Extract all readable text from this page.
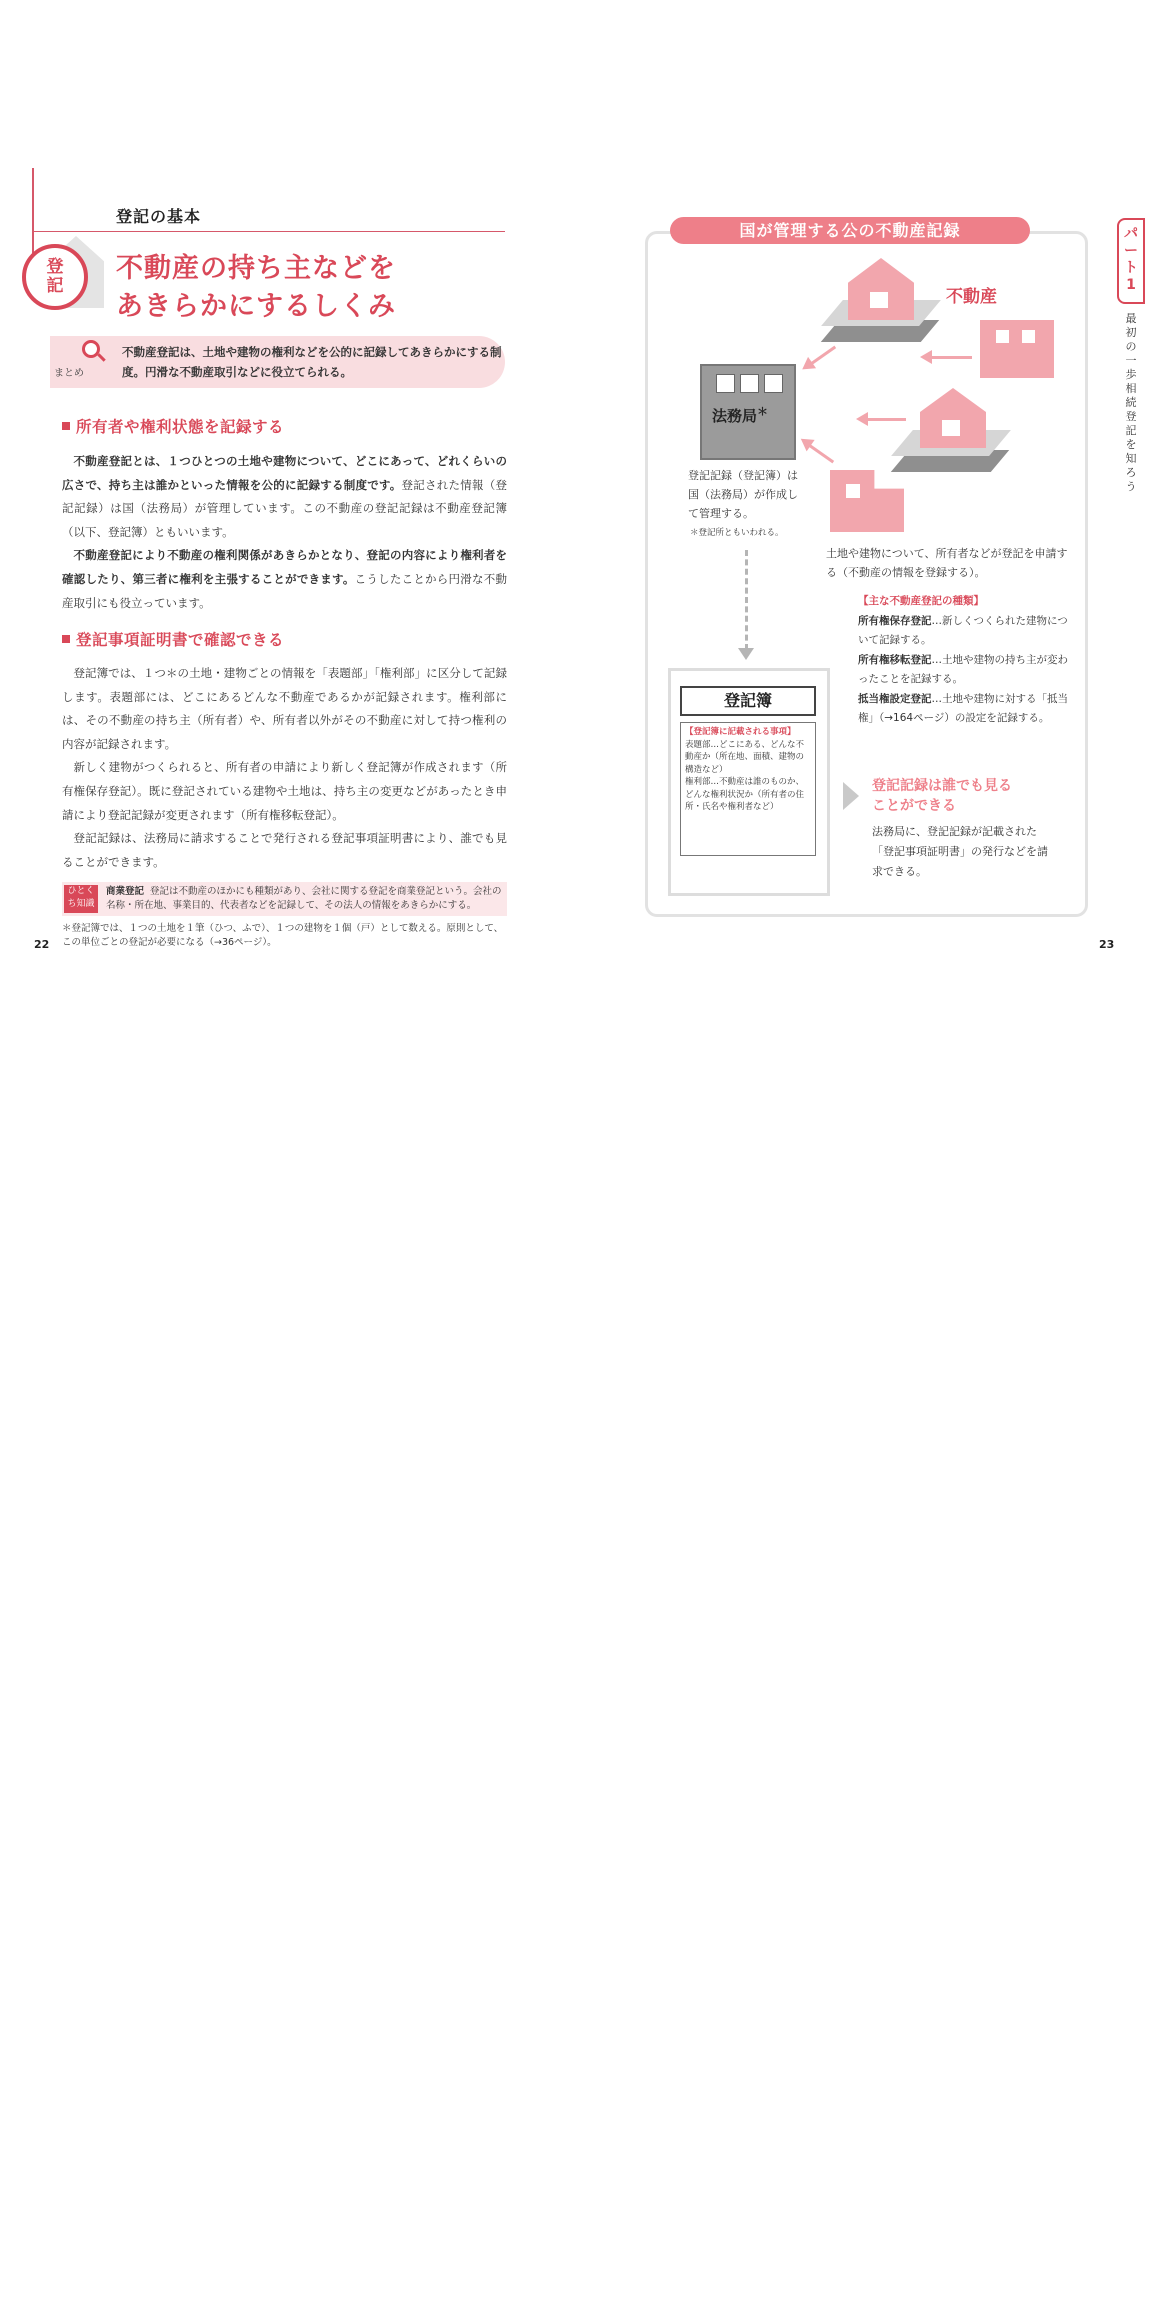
登記の基本
登記
不動産の持ち主などを
あきらかにするしくみ
まとめ
不動産登記は、土地や建物の権利などを公的に記録してあきらかにする制度。円滑な不動産取引などに役立てられる。
所有者や権利状態を記録する

不動産登記とは、１つひとつの土地や建物について、どこにあって、どれくらいの広さで、持ち主は誰かといった情報を公的に記録する制度です。登記された情報（登記記録）は国（法務局）が管理しています。この不動産の登記記録は不動産登記簿（以下、登記簿）ともいいます。

不動産登記により不動産の権利関係があきらかとなり、登記の内容により権利者を確認したり、第三者に権利を主張することができます。こうしたことから円滑な不動産取引にも役立っています。

登記事項証明書で確認できる

登記簿では、１つ＊の土地・建物ごとの情報を「表題部」「権利部」に区分して記録します。表題部には、どこにあるどんな不動産であるかが記録されます。権利部には、その不動産の持ち主（所有者）や、所有者以外がその不動産に対して持つ権利の内容が記録されます。

新しく建物がつくられると、所有者の申請により新しく登記簿が作成されます（所有権保存登記）。既に登記されている建物や土地は、持ち主の変更などがあったとき申請により登記記録が変更されます（所有権移転登記）。

登記記録は、法務局に請求することで発行される登記事項証明書により、誰でも見ることができます。

ひとくち知識
商業登記 登記は不動産のほかにも種類があり、会社に関する登記を商業登記という。会社の名称・所在地、事業目的、代表者などを記録して、その法人の情報をあきらかにする。
＊登記簿では、１つの土地を１筆（ひつ、ふで）、１つの建物を１個（戸）として数える。原則として、この単位ごとの登記が必要になる（→36ページ）。
22
国が管理する公の不動産記録	パート1
最初の一歩　相続登記を知ろう
不動産
法務局＊
登記記録（登記簿）は国（法務局）が作成して管理する。
＊登記所ともいわれる。
土地や建物について、所有者などが登記を申請する（不動産の情報を登録する）。
【主な不動産登記の種類】
所有権保存登記…新しくつくられた建物について記録する。
所有権移転登記…土地や建物の持ち主が変わったことを記録する。
抵当権設定登記…土地や建物に対する「抵当権」（→164ページ）の設定を記録する。
登記簿
【登記簿に記載される事項】
表題部…どこにある、どんな不動産か（所在地、面積、建物の構造など）
権利部…不動産は誰のものか、どんな権利状況か（所有者の住所・氏名や権利者など）
登記記録は誰でも見ることができる
法務局に、登記記録が記載された「登記事項証明書」の発行などを請求できる。
23
